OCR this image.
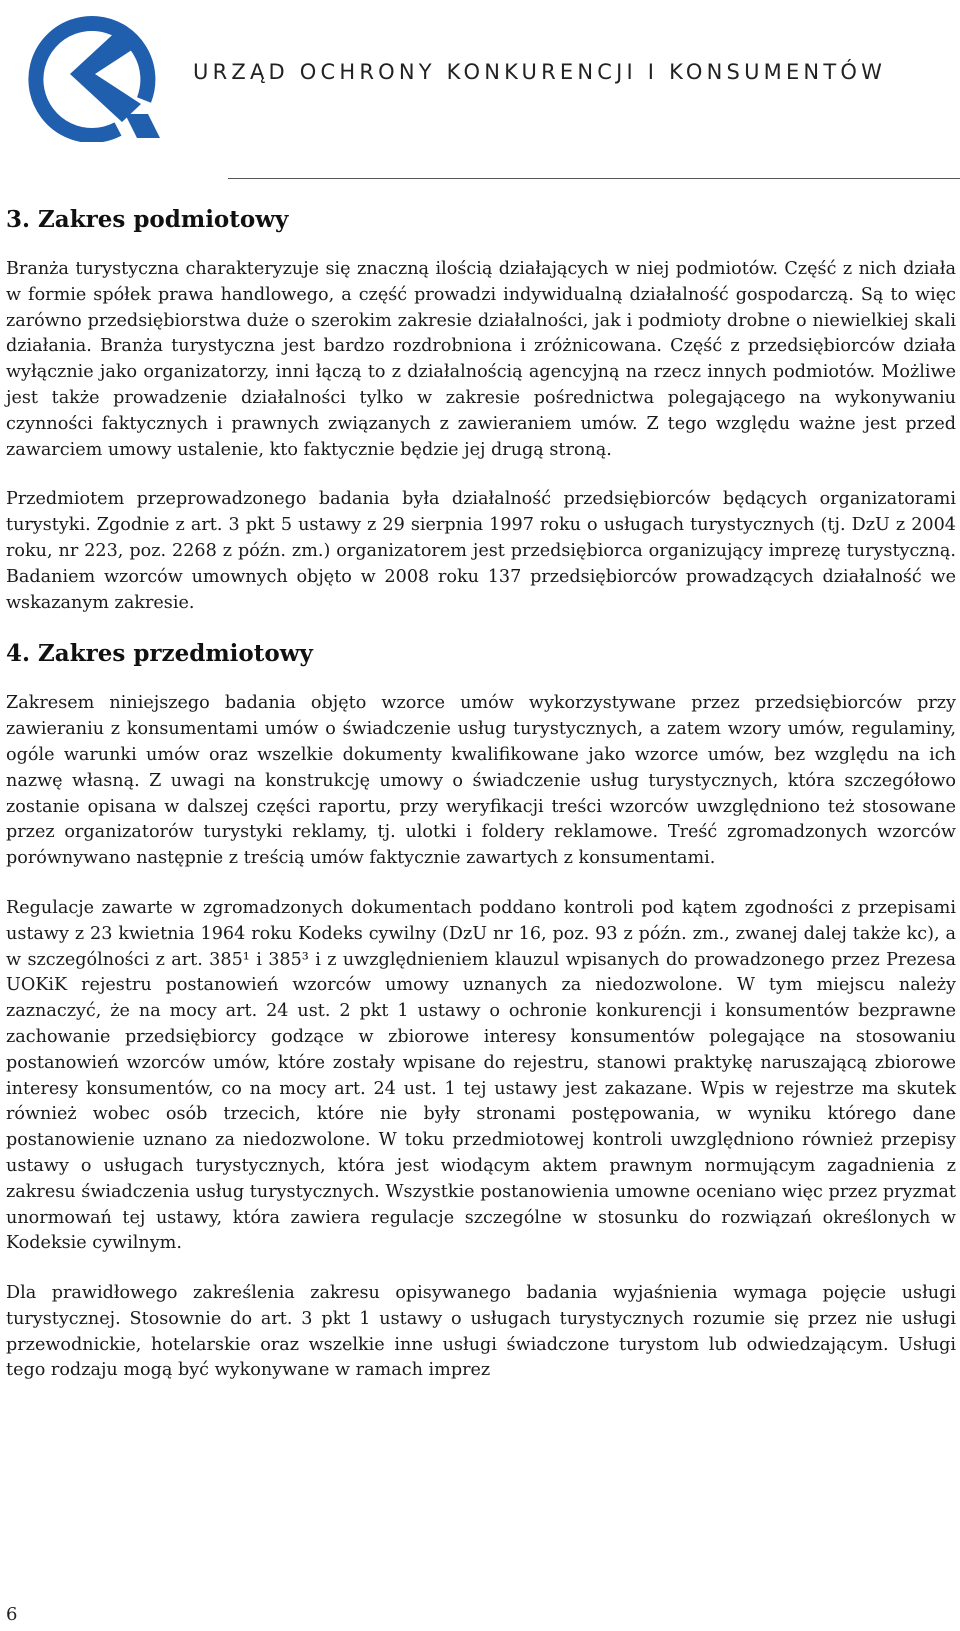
URZĄD OCHRONY KONKURENCJI I KONSUMENTÓW
3. Zakres podmiotowy

Branża turystyczna charakteryzuje się znaczną ilością działających w niej podmiotów. Część z nich działa w formie spółek prawa handlowego, a część prowadzi indywidualną działalność gospodarczą. Są to więc zarówno przedsiębiorstwa duże o szerokim zakresie działalności, jak i podmioty drobne o niewielkiej skali działania. Branża turystyczna jest bardzo rozdrobniona i zróżnicowana. Część z przedsiębiorców działa wyłącznie jako organizatorzy, inni łączą to z działalnością agencyjną na rzecz innych podmiotów. Możliwe jest także prowadzenie działalności tylko w zakresie pośrednictwa polegającego na wykonywaniu czynności faktycznych i prawnych związanych z zawieraniem umów. Z tego względu ważne jest przed zawarciem umowy ustalenie, kto faktycznie będzie jej drugą stroną.

Przedmiotem przeprowadzonego badania była działalność przedsiębiorców będących organizatorami turystyki. Zgodnie z art. 3 pkt 5 ustawy z 29 sierpnia 1997 roku o usługach turystycznych (tj. DzU z 2004 roku, nr 223, poz. 2268 z późn. zm.) organizatorem jest przedsiębiorca organizujący imprezę turystyczną. Badaniem wzorców umownych objęto w 2008 roku 137 przedsiębiorców prowadzących działalność we wskazanym zakresie.

4. Zakres przedmiotowy

Zakresem niniejszego badania objęto wzorce umów wykorzystywane przez przedsiębiorców przy zawieraniu z konsumentami umów o świadczenie usług turystycznych, a zatem wzory umów, regulaminy, ogóle warunki umów oraz wszelkie dokumenty kwalifikowane jako wzorce umów, bez względu na ich nazwę własną. Z uwagi na konstrukcję umowy o świadczenie usług turystycznych, która szczegółowo zostanie opisana w dalszej części raportu, przy weryfikacji treści wzorców uwzględniono też stosowane przez organizatorów turystyki reklamy, tj. ulotki i foldery reklamowe. Treść zgromadzonych wzorców porównywano następnie z treścią umów faktycznie zawartych z konsumentami.

Regulacje zawarte w zgromadzonych dokumentach poddano kontroli pod kątem zgodności z przepisami ustawy z 23 kwietnia 1964 roku Kodeks cywilny (DzU nr 16, poz. 93 z późn. zm., zwanej dalej także kc), a w szczególności z art. 385¹ i 385³ i z uwzględnieniem klauzul wpisanych do prowadzonego przez Prezesa UOKiK rejestru postanowień wzorców umowy uznanych za niedozwolone. W tym miejscu należy zaznaczyć, że na mocy art. 24 ust. 2 pkt 1 ustawy o ochronie konkurencji i konsumentów bezprawne zachowanie przedsiębiorcy godzące w zbiorowe interesy konsumentów polegające na stosowaniu postanowień wzorców umów, które zostały wpisane do rejestru, stanowi praktykę naruszającą zbiorowe interesy konsumentów, co na mocy art. 24 ust. 1 tej ustawy jest zakazane. Wpis w rejestrze ma skutek również wobec osób trzecich, które nie były stronami postępowania, w wyniku którego dane postanowienie uznano za niedozwolone. W toku przedmiotowej kontroli uwzględniono również przepisy ustawy o usługach turystycznych, która jest wiodącym aktem prawnym normującym zagadnienia z zakresu świadczenia usług turystycznych. Wszystkie postanowienia umowne oceniano więc przez pryzmat unormowań tej ustawy, która zawiera regulacje szczególne w stosunku do rozwiązań określonych w Kodeksie cywilnym.

Dla prawidłowego zakreślenia zakresu opisywanego badania wyjaśnienia wymaga pojęcie usługi turystycznej. Stosownie do art. 3 pkt 1 ustawy o usługach turystycznych rozumie się przez nie usługi przewodnickie, hotelarskie oraz wszelkie inne usługi świadczone turystom lub odwiedzającym. Usługi tego rodzaju mogą być wykonywane w ramach imprez

6
